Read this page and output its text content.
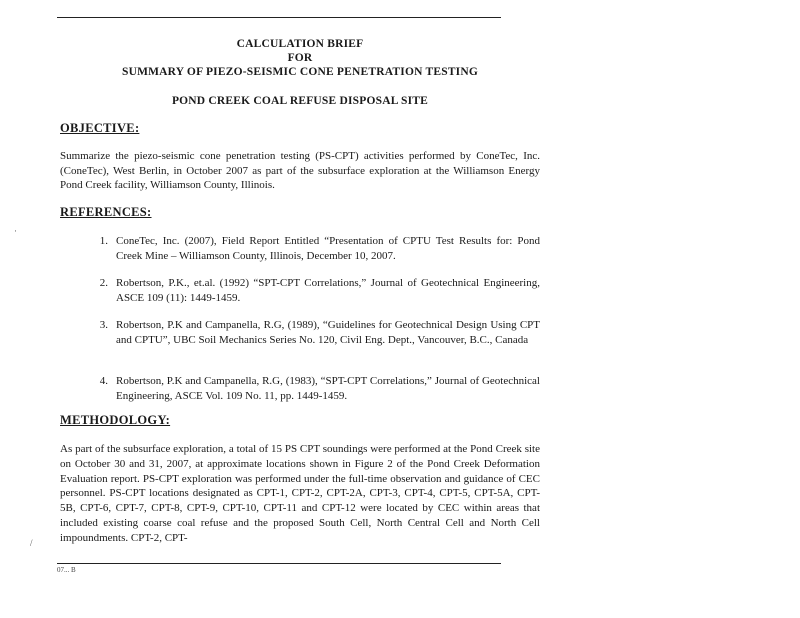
CALCULATION BRIEF
FOR
SUMMARY OF PIEZO-SEISMIC CONE PENETRATION TESTING
POND CREEK COAL REFUSE DISPOSAL SITE
OBJECTIVE:
Summarize the piezo-seismic cone penetration testing (PS-CPT) activities performed by ConeTec, Inc. (ConeTec), West Berlin, in October 2007 as part of the subsurface exploration at the Williamson Energy Pond Creek facility, Williamson County, Illinois.
REFERENCES:
1. ConeTec, Inc. (2007), Field Report Entitled “Presentation of CPTU Test Results for: Pond Creek Mine – Williamson County, Illinois, December 10, 2007.
2. Robertson, P.K., et.al. (1992) “SPT-CPT Correlations,” Journal of Geotechnical Engineering, ASCE 109 (11): 1449-1459.
3. Robertson, P.K and Campanella, R.G, (1989), “Guidelines for Geotechnical Design Using CPT and CPTU”, UBC Soil Mechanics Series No. 120, Civil Eng. Dept., Vancouver, B.C., Canada
4. Robertson, P.K and Campanella, R.G, (1983), “SPT-CPT Correlations,” Journal of Geotechnical Engineering, ASCE Vol. 109 No. 11, pp. 1449-1459.
METHODOLOGY:
As part of the subsurface exploration, a total of 15 PS CPT soundings were performed at the Pond Creek site on October 30 and 31, 2007, at approximate locations shown in Figure 2 of the Pond Creek Deformation Evaluation report. PS-CPT exploration was performed under the full-time observation and guidance of CEC personnel. PS-CPT locations designated as CPT-1, CPT-2, CPT-2A, CPT-3, CPT-4, CPT-5, CPT-5A, CPT-5B, CPT-6, CPT-7, CPT-8, CPT-9, CPT-10, CPT-11 and CPT-12 were located by CEC within areas that included existing coarse coal refuse and the proposed South Cell, North Central Cell and North Cell impoundments. CPT-2, CPT-
07... B
·
/
